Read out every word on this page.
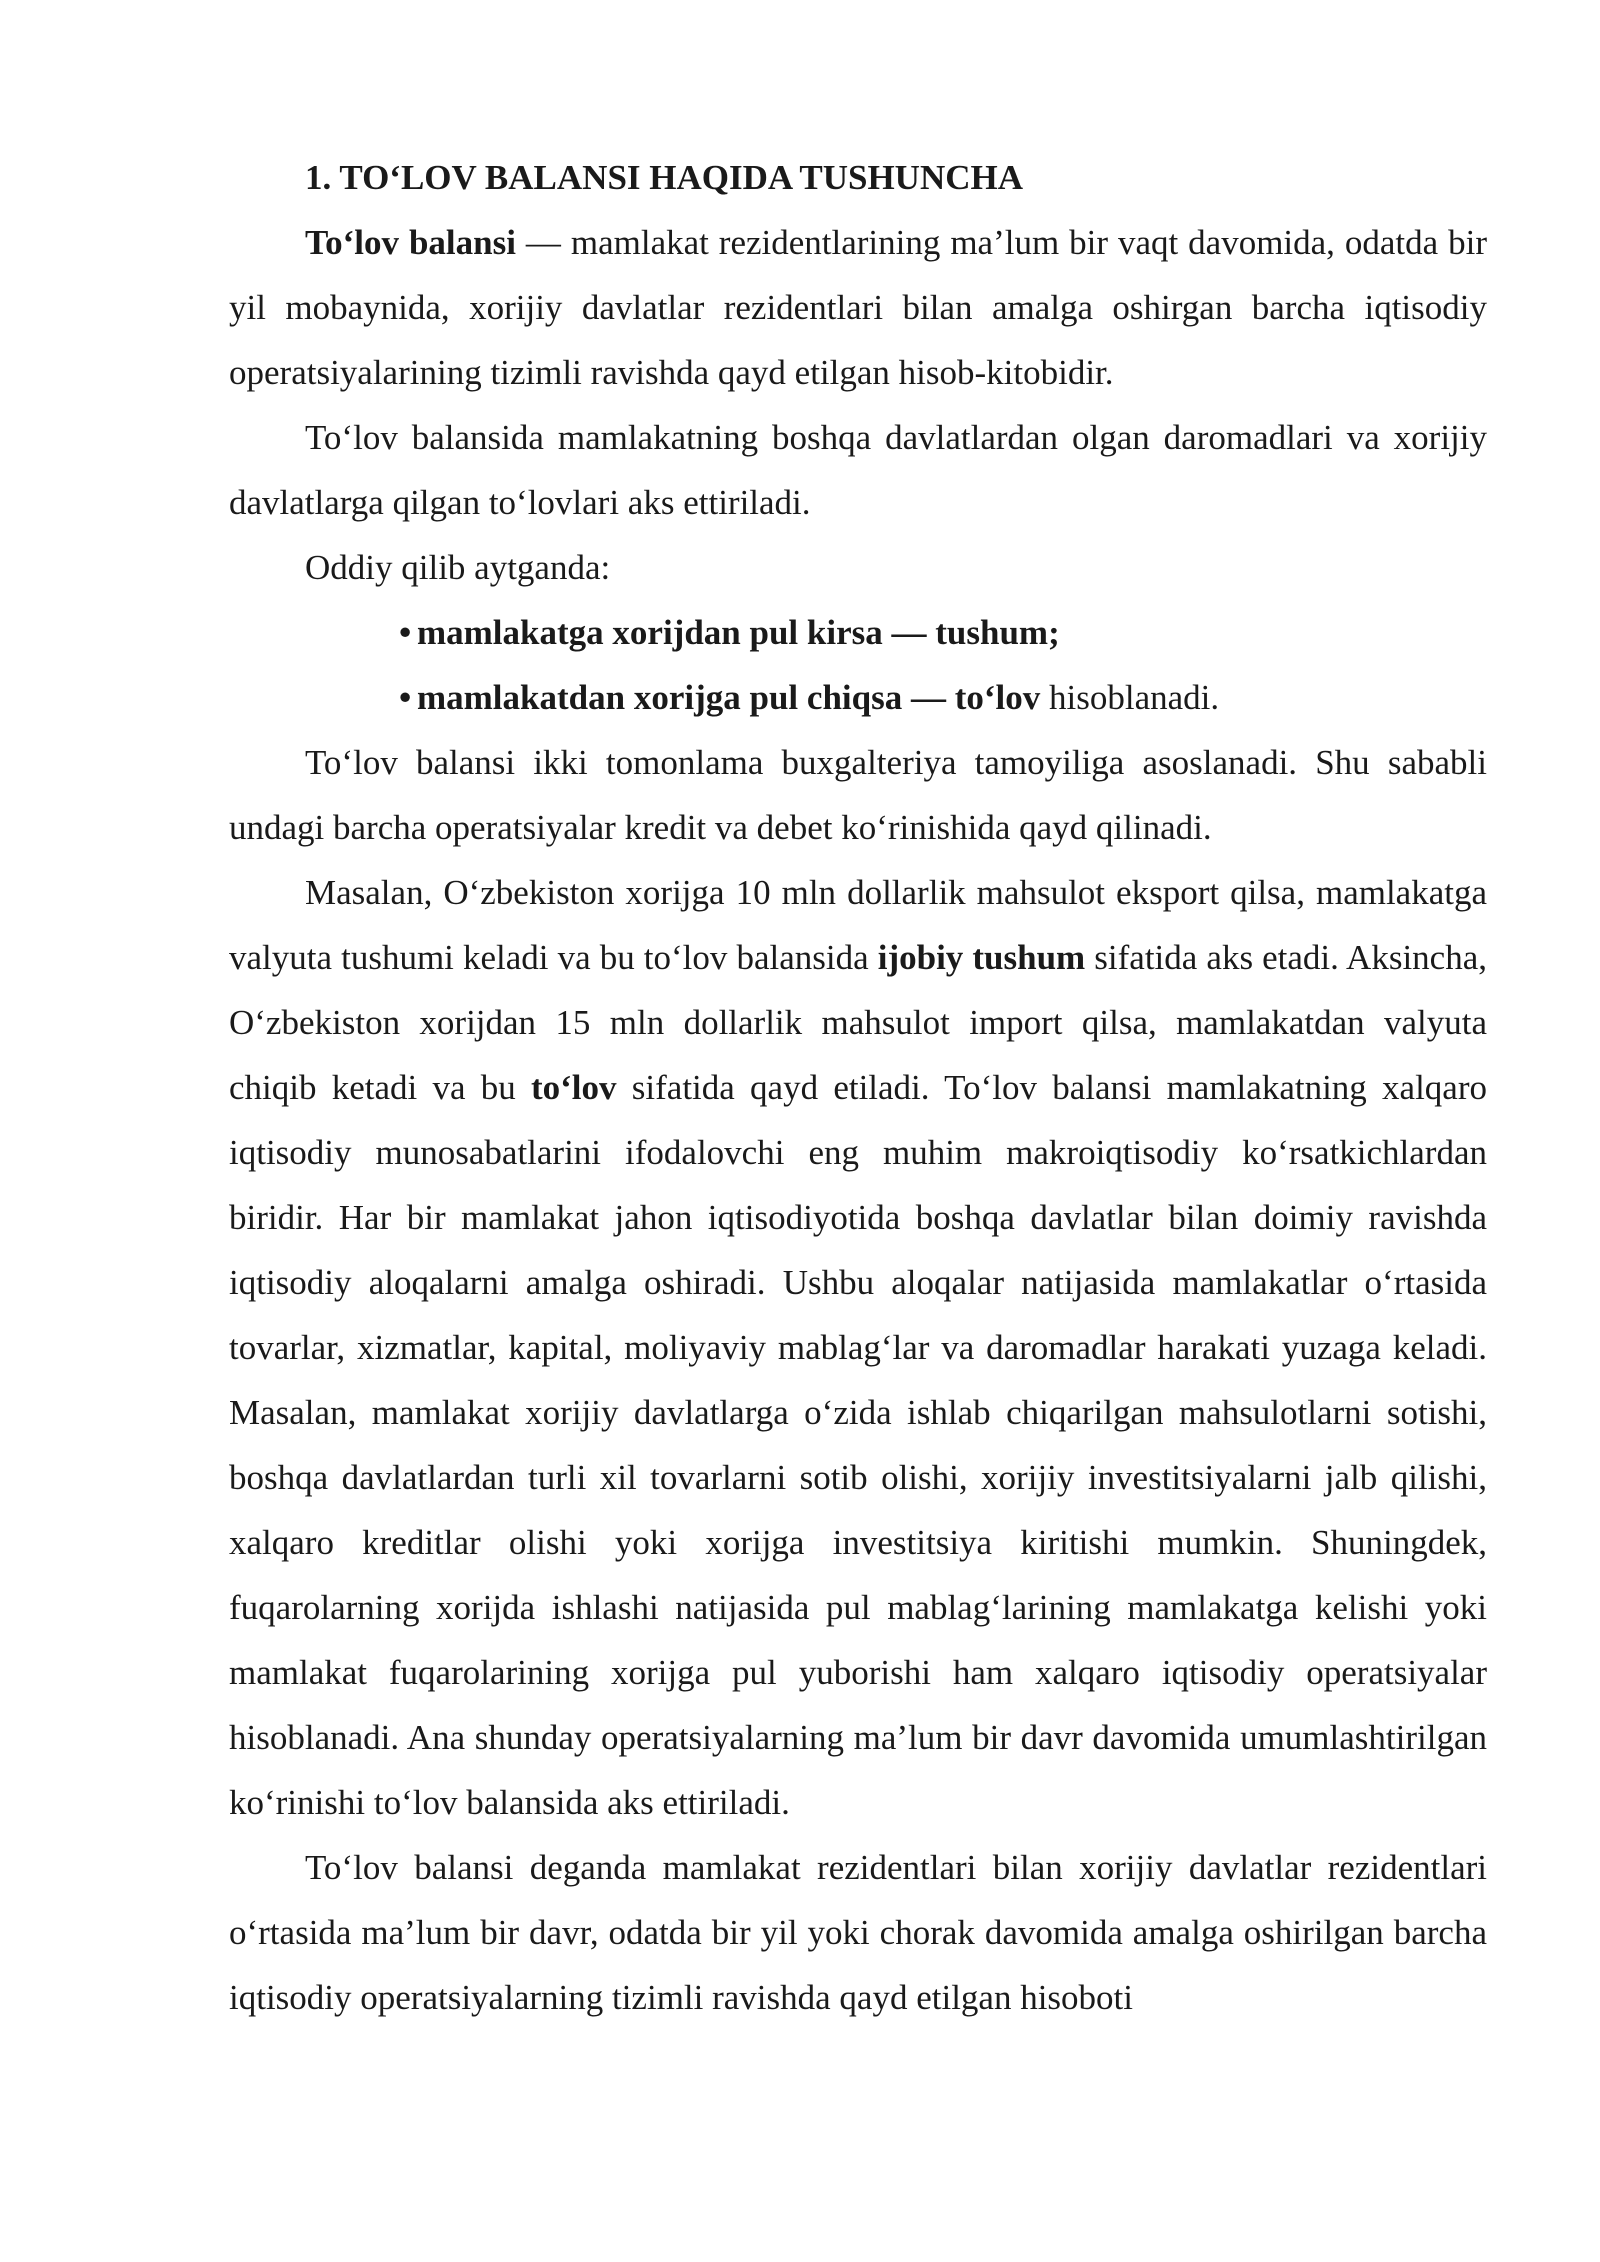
1. TO‘LOV BALANSI HAQIDA TUSHUNCHA

To‘lov balansi — mamlakat rezidentlarining ma’lum bir vaqt davomida, odatda bir yil mobaynida, xorijiy davlatlar rezidentlari bilan amalga oshirgan barcha iqtisodiy operatsiyalarining tizimli ravishda qayd etilgan hisob-kitobidir.

To‘lov balansida mamlakatning boshqa davlatlardan olgan daromadlari va xorijiy davlatlarga qilgan to‘lovlari aks ettiriladi.

Oddiy qilib aytganda:

• mamlakatga xorijdan pul kirsa — tushum;
• mamlakatdan xorijga pul chiqsa — to‘lov hisoblanadi.

To‘lov balansi ikki tomonlama buxgalteriya tamoyiliga asoslanadi. Shu sababli undagi barcha operatsiyalar kredit va debet ko‘rinishida qayd qilinadi.

Masalan, O‘zbekiston xorijga 10 mln dollarlik mahsulot eksport qilsa, mamlakatga valyuta tushumi keladi va bu to‘lov balansida ijobiy tushum sifatida aks etadi. Aksincha, O‘zbekiston xorijdan 15 mln dollarlik mahsulot import qilsa, mamlakatdan valyuta chiqib ketadi va bu to‘lov sifatida qayd etiladi. To‘lov balansi mamlakatning xalqaro iqtisodiy munosabatlarini ifodalovchi eng muhim makroiqtisodiy ko‘rsatkichlardan biridir. Har bir mamlakat jahon iqtisodiyotida boshqa davlatlar bilan doimiy ravishda iqtisodiy aloqalarni amalga oshiradi. Ushbu aloqalar natijasida mamlakatlar o‘rtasida tovarlar, xizmatlar, kapital, moliyaviy mablag‘lar va daromadlar harakati yuzaga keladi. Masalan, mamlakat xorijiy davlatlarga o‘zida ishlab chiqarilgan mahsulotlarni sotishi, boshqa davlatlardan turli xil tovarlarni sotib olishi, xorijiy investitsiyalarni jalb qilishi, xalqaro kreditlar olishi yoki xorijga investitsiya kiritishi mumkin. Shuningdek, fuqarolarning xorijda ishlashi natijasida pul mablag‘larining mamlakatga kelishi yoki mamlakat fuqarolarining xorijga pul yuborishi ham xalqaro iqtisodiy operatsiyalar hisoblanadi. Ana shunday operatsiyalarning ma’lum bir davr davomida umumlashtirilgan ko‘rinishi to‘lov balansida aks ettiriladi.

To‘lov balansi deganda mamlakat rezidentlari bilan xorijiy davlatlar rezidentlari o‘rtasida ma’lum bir davr, odatda bir yil yoki chorak davomida amalga oshirilgan barcha iqtisodiy operatsiyalarning tizimli ravishda qayd etilgan hisoboti
